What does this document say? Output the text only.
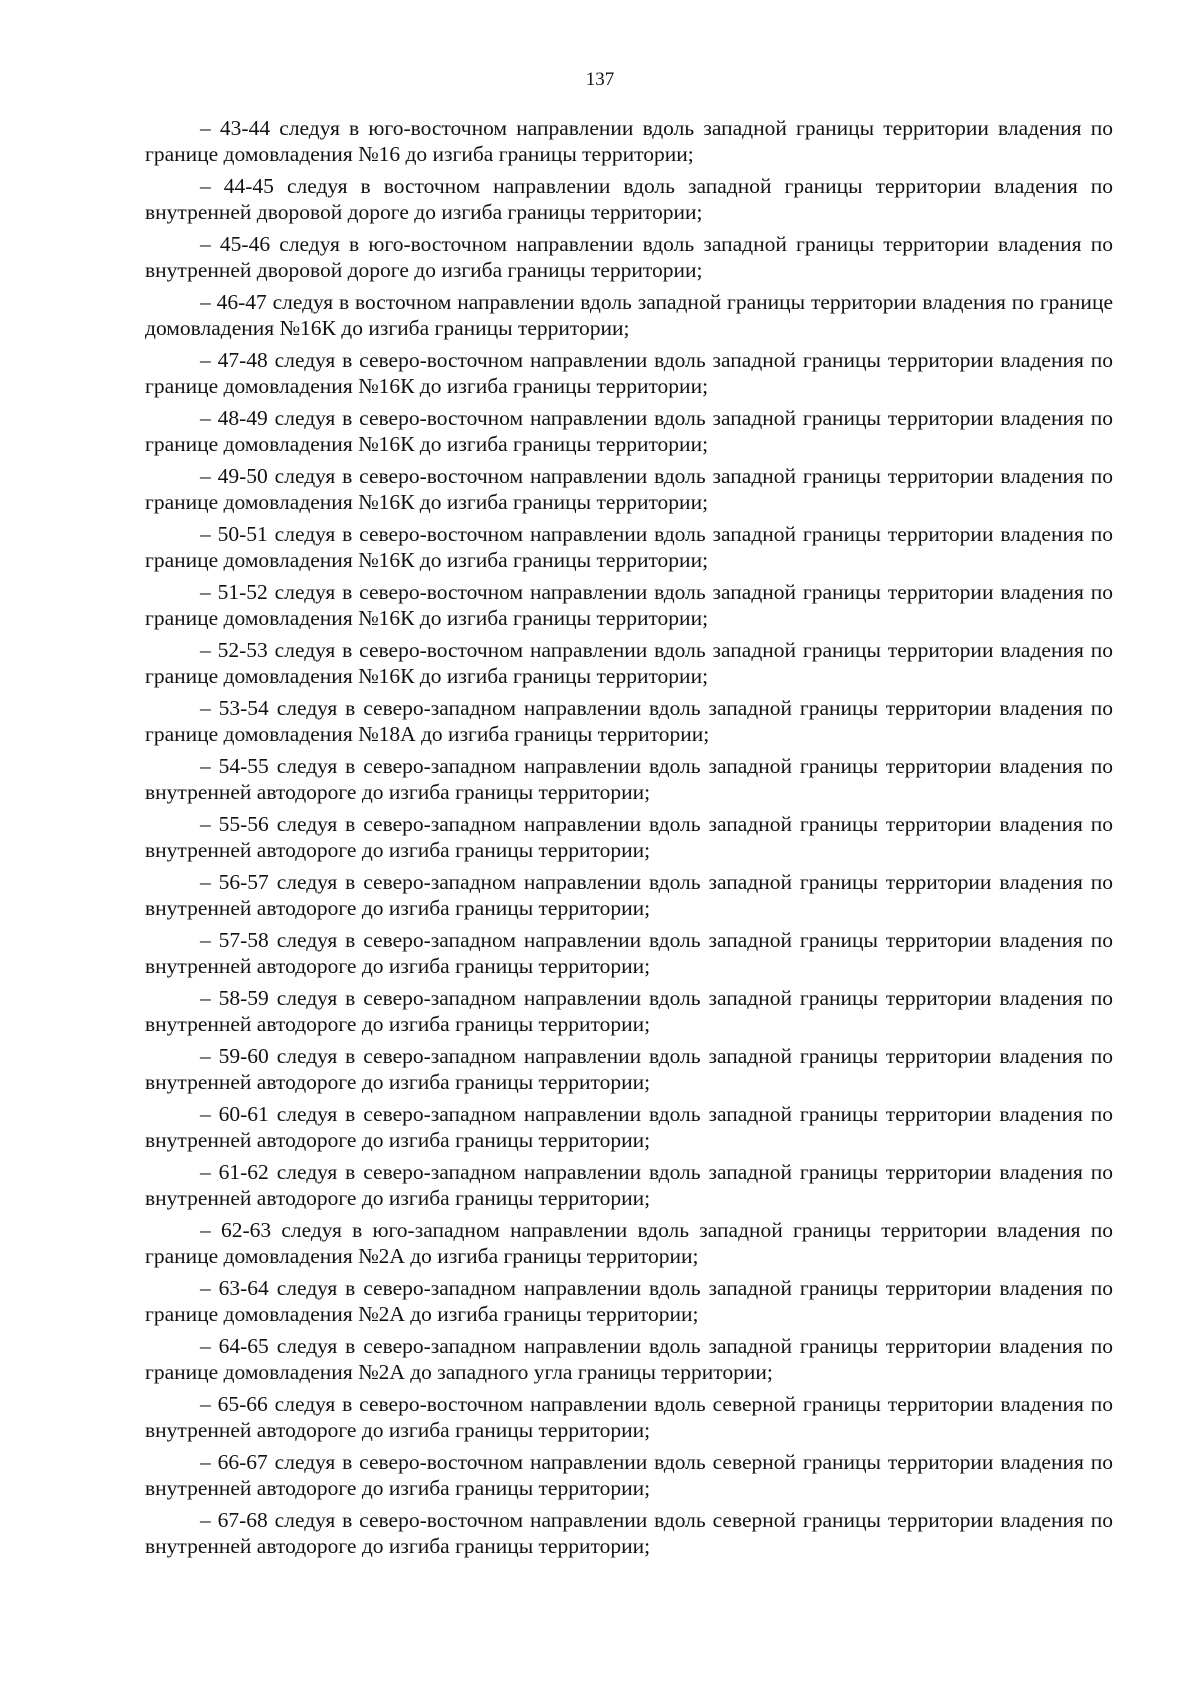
137

– 43-44 следуя в юго-восточном направлении вдоль западной границы территории владения по границе домовладения №16 до изгиба границы территории;

– 44-45 следуя в восточном направлении вдоль западной границы территории владения по внутренней дворовой дороге до изгиба границы территории;

– 45-46 следуя в юго-восточном направлении вдоль западной границы территории владения по внутренней дворовой дороге до изгиба границы территории;

– 46-47 следуя в восточном направлении вдоль западной границы территории владения по границе домовладения №16К до изгиба границы территории;

– 47-48 следуя в северо-восточном направлении вдоль западной границы территории владения по границе домовладения №16К до изгиба границы территории;

– 48-49 следуя в северо-восточном направлении вдоль западной границы территории владения по границе домовладения №16К до изгиба границы территории;

– 49-50 следуя в северо-восточном направлении вдоль западной границы территории владения по границе домовладения №16К до изгиба границы территории;

– 50-51 следуя в северо-восточном направлении вдоль западной границы территории владения по границе домовладения №16К до изгиба границы территории;

– 51-52 следуя в северо-восточном направлении вдоль западной границы территории владения по границе домовладения №16К до изгиба границы территории;

– 52-53 следуя в северо-восточном направлении вдоль западной границы территории владения по границе домовладения №16К до изгиба границы территории;

– 53-54 следуя в северо-западном направлении вдоль западной границы территории владения по границе домовладения №18А до изгиба границы территории;

– 54-55 следуя в северо-западном направлении вдоль западной границы территории владения по внутренней автодороге до изгиба границы территории;

– 55-56 следуя в северо-западном направлении вдоль западной границы территории владения по внутренней автодороге до изгиба границы территории;

– 56-57 следуя в северо-западном направлении вдоль западной границы территории владения по внутренней автодороге до изгиба границы территории;

– 57-58 следуя в северо-западном направлении вдоль западной границы территории владения по внутренней автодороге до изгиба границы территории;

– 58-59 следуя в северо-западном направлении вдоль западной границы территории владения по внутренней автодороге до изгиба границы территории;

– 59-60 следуя в северо-западном направлении вдоль западной границы территории владения по внутренней автодороге до изгиба границы территории;

– 60-61 следуя в северо-западном направлении вдоль западной границы территории владения по внутренней автодороге до изгиба границы территории;

– 61-62 следуя в северо-западном направлении вдоль западной границы территории владения по внутренней автодороге до изгиба границы территории;

– 62-63 следуя в юго-западном направлении вдоль западной границы территории владения по границе домовладения №2А до изгиба границы территории;

– 63-64 следуя в северо-западном направлении вдоль западной границы территории владения по границе домовладения №2А до изгиба границы территории;

– 64-65 следуя в северо-западном направлении вдоль западной границы территории владения по границе домовладения №2А до западного угла границы территории;

– 65-66 следуя в северо-восточном направлении вдоль северной границы территории владения по внутренней автодороге до изгиба границы территории;

– 66-67 следуя в северо-восточном направлении вдоль северной границы территории владения по внутренней автодороге до изгиба границы территории;

– 67-68 следуя в северо-восточном направлении вдоль северной границы территории владения по внутренней автодороге до изгиба границы территории;
